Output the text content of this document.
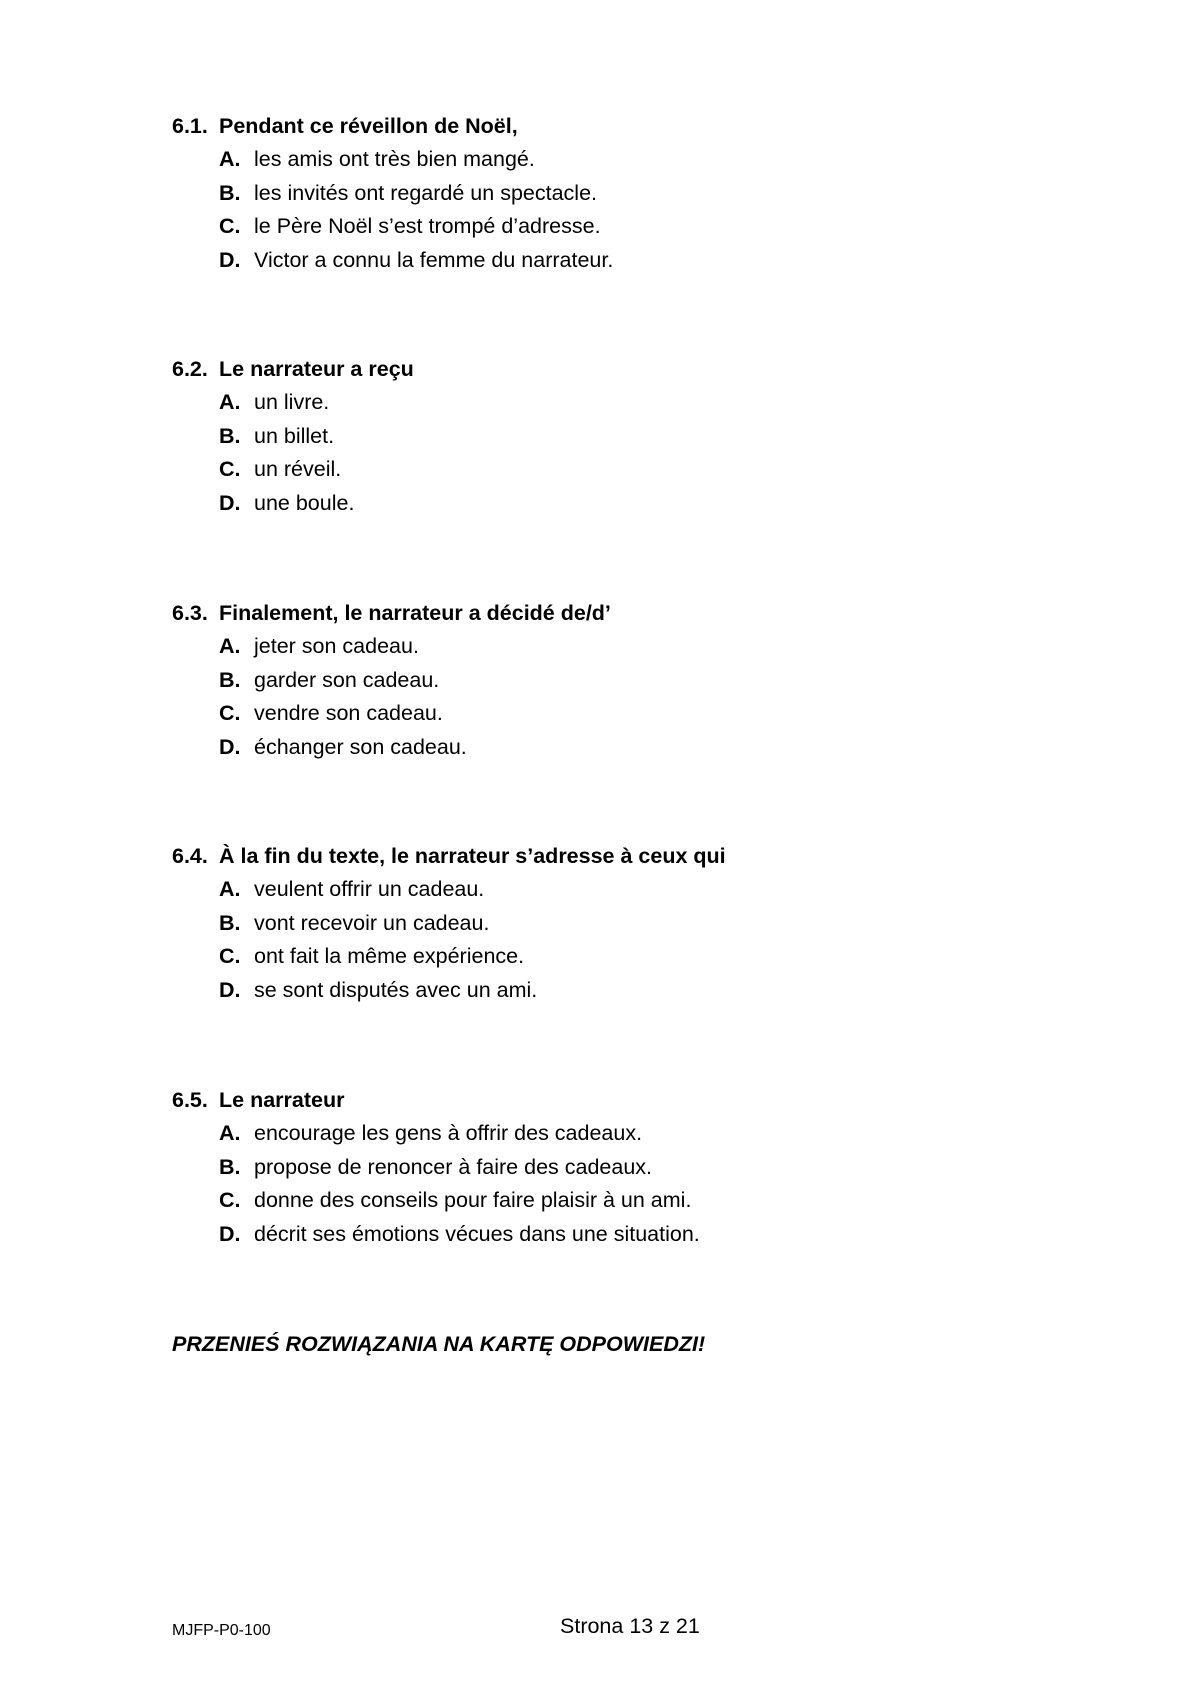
6.1. Pendant ce réveillon de Noël,
A. les amis ont très bien mangé.
B. les invités ont regardé un spectacle.
C. le Père Noël s’est trompé d’adresse.
D. Victor a connu la femme du narrateur.
6.2. Le narrateur a reçu
A. un livre.
B. un billet.
C. un réveil.
D. une boule.
6.3. Finalement, le narrateur a décidé de/d’
A. jeter son cadeau.
B. garder son cadeau.
C. vendre son cadeau.
D. échanger son cadeau.
6.4. À la fin du texte, le narrateur s’adresse à ceux qui
A. veulent offrir un cadeau.
B. vont recevoir un cadeau.
C. ont fait la même expérience.
D. se sont disputés avec un ami.
6.5. Le narrateur
A. encourage les gens à offrir des cadeaux.
B. propose de renoncer à faire des cadeaux.
C. donne des conseils pour faire plaisir à un ami.
D. décrit ses émotions vécues dans une situation.

PRZENIEŚ ROZWIĄZANIA NA KARTĘ ODPOWIEDZI!

MJFP-P0-100	Strona 13 z 21
